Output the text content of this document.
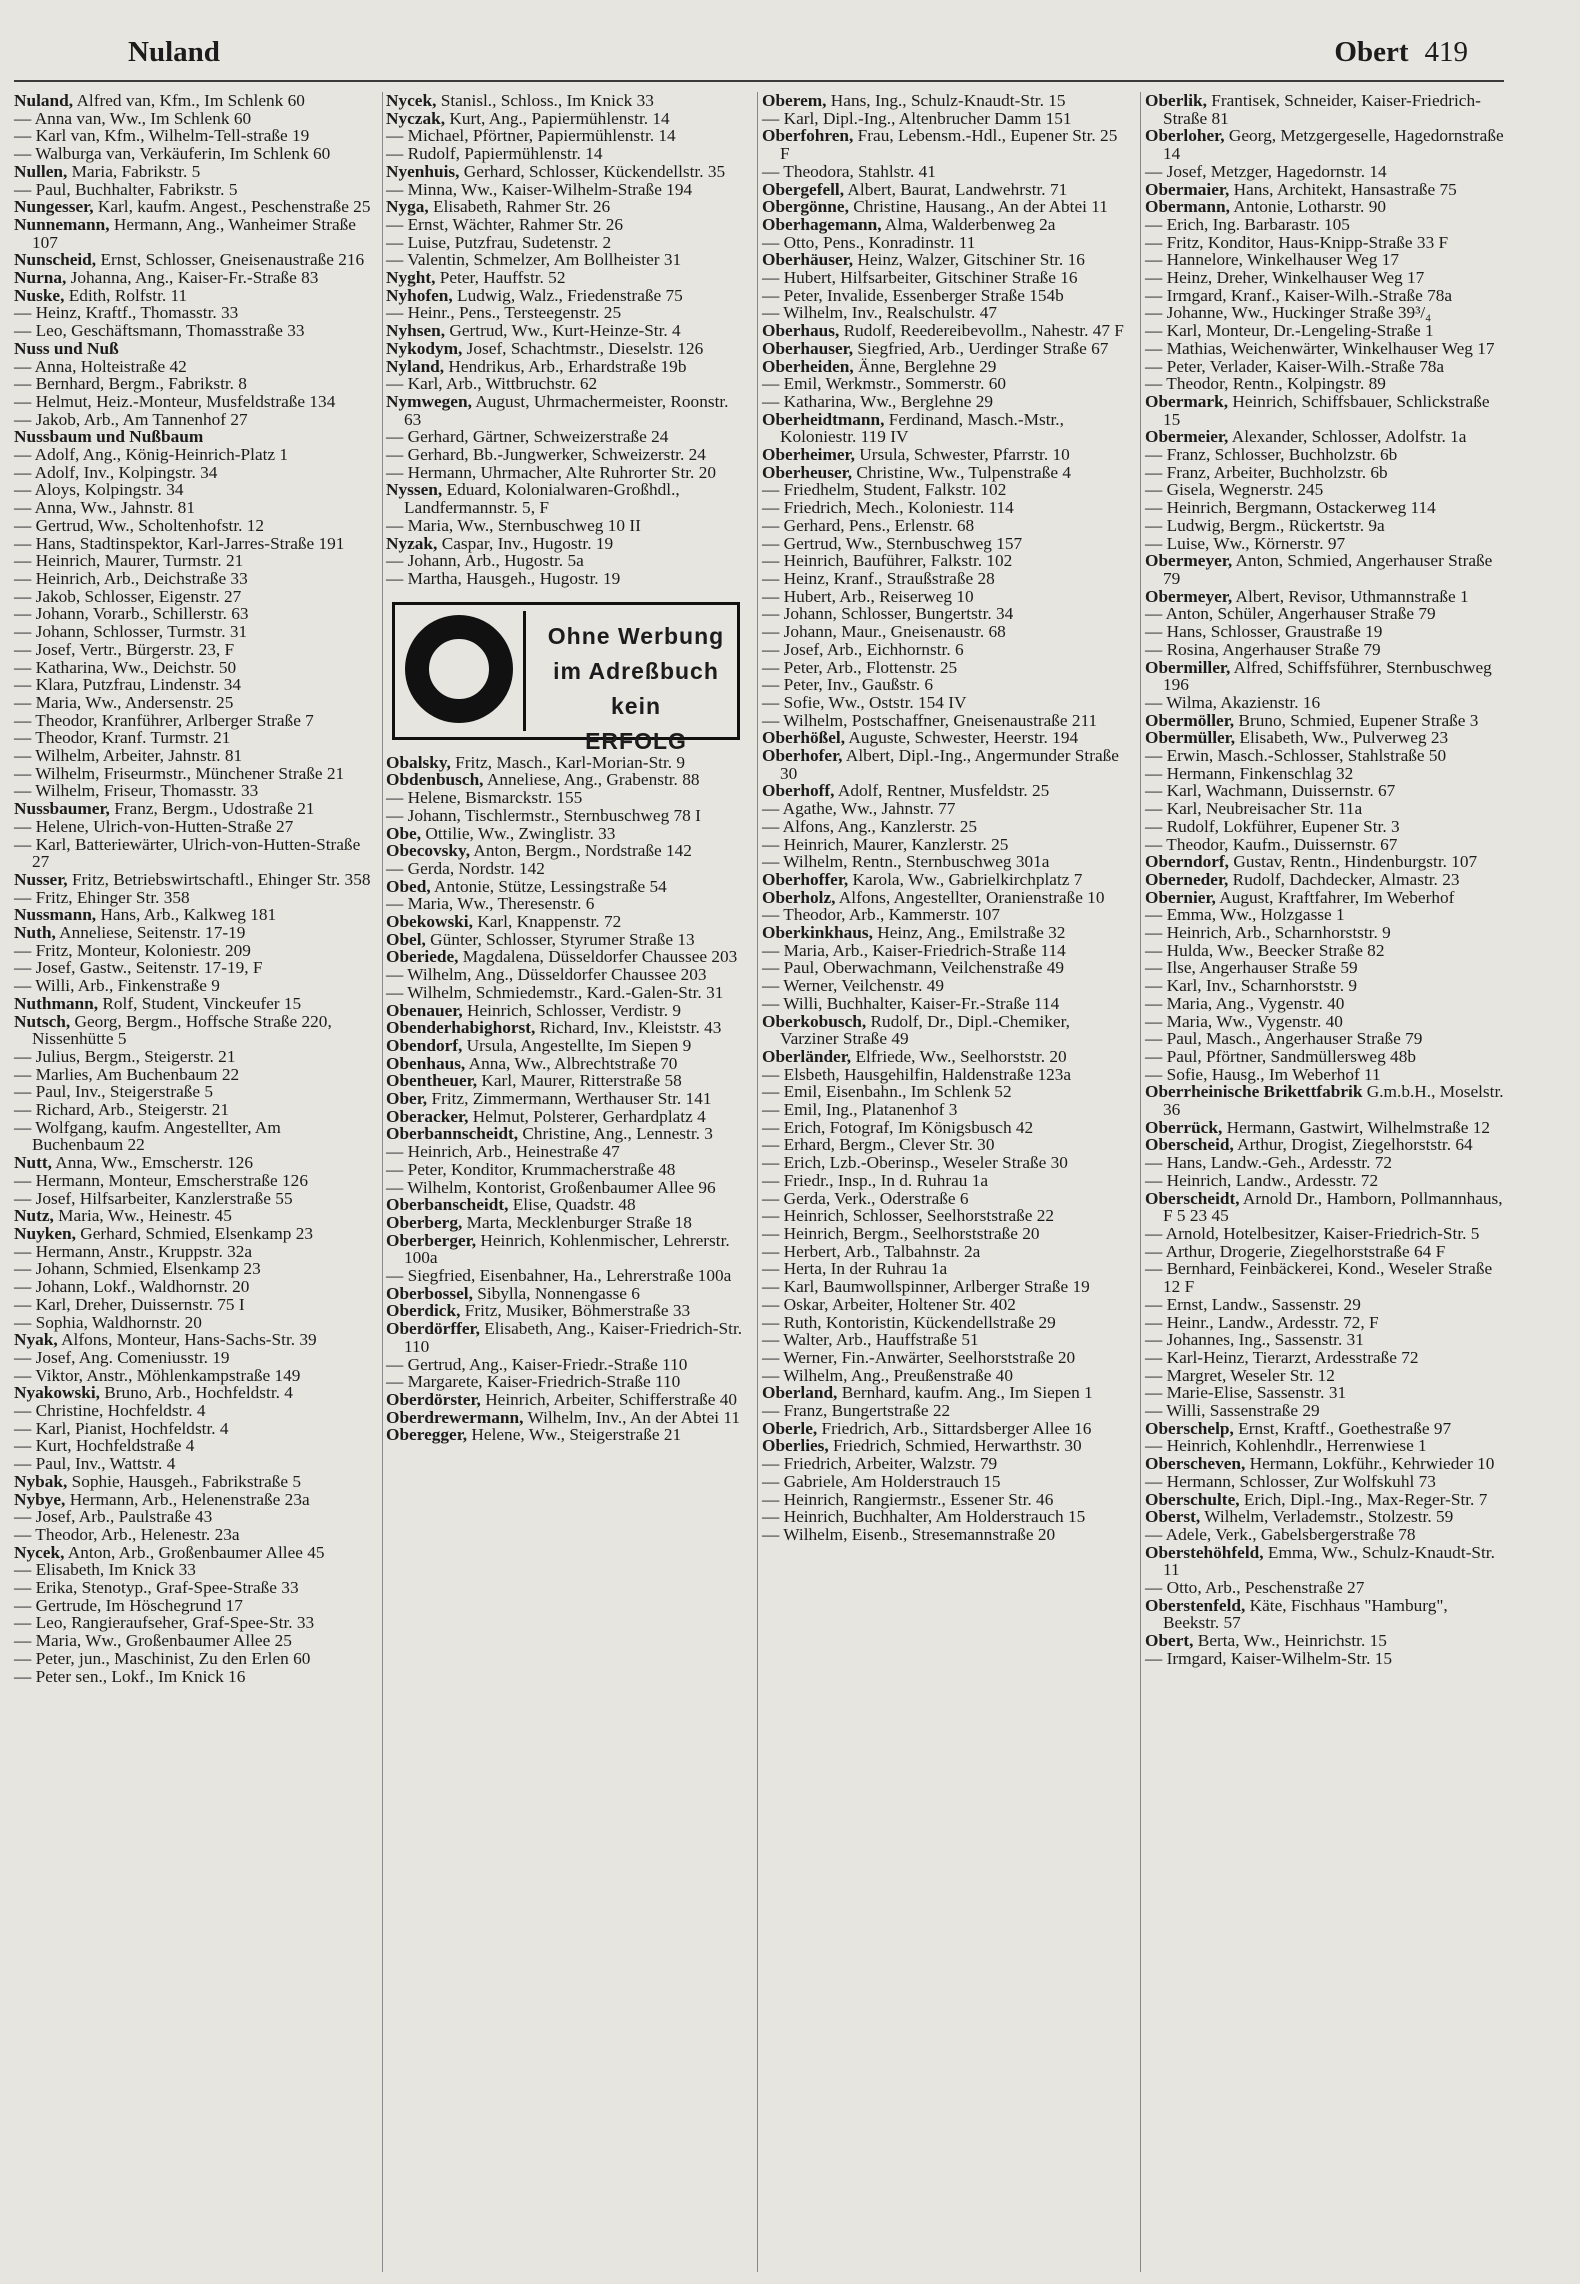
Nuland	Obert 419
Nuland, Alfred van, Kfm., Im Schlenk 60
— Anna van, Ww., Im Schlenk 60
— Karl van, Kfm., Wilhelm-Tell-straße 19
— Walburga van, Verkäuferin, Im Schlenk 60
Nullen, Maria, Fabrikstr. 5
— Paul, Buchhalter, Fabrikstr. 5
Nungesser, Karl, kaufm. Angest., Peschenstraße 25
Nunnemann, Hermann, Ang., Wanheimer Straße 107
Nunscheid, Ernst, Schlosser, Gneisenaustraße 216
Nurna, Johanna, Ang., Kaiser-Fr.-Straße 83
Nuske, Edith, Rolfstr. 11
— Heinz, Kraftf., Thomasstr. 33
— Leo, Geschäftsmann, Thomasstraße 33
Nuss und Nuß
— Anna, Holteistraße 42
— Bernhard, Bergm., Fabrikstr. 8
— Helmut, Heiz.-Monteur, Musfeldstraße 134
— Jakob, Arb., Am Tannenhof 27
Nussbaum und Nußbaum
— Adolf, Ang., König-Heinrich-Platz 1
— Adolf, Inv., Kolpingstr. 34
— Aloys, Kolpingstr. 34
— Anna, Ww., Jahnstr. 81
— Gertrud, Ww., Scholtenhofstr. 12
— Hans, Stadtinspektor, Karl-Jarres-Straße 191
— Heinrich, Maurer, Turmstr. 21
— Heinrich, Arb., Deichstraße 33
— Jakob, Schlosser, Eigenstr. 27
— Johann, Vorarb., Schillerstr. 63
— Johann, Schlosser, Turmstr. 31
— Josef, Vertr., Bürgerstr. 23, F
— Katharina, Ww., Deichstr. 50
— Klara, Putzfrau, Lindenstr. 34
— Maria, Ww., Andersenstr. 25
— Theodor, Kranführer, Arlberger Straße 7
— Theodor, Kranf. Turmstr. 21
— Wilhelm, Arbeiter, Jahnstr. 81
— Wilhelm, Friseurmstr., Münchener Straße 21
— Wilhelm, Friseur, Thomasstr. 33
Nussbaumer, Franz, Bergm., Udostraße 21
— Helene, Ulrich-von-Hutten-Straße 27
— Karl, Batteriewärter, Ulrich-von-Hutten-Straße 27
Nusser, Fritz, Betriebswirtschaftl., Ehinger Str. 358
— Fritz, Ehinger Str. 358
Nussmann, Hans, Arb., Kalkweg 181
Nuth, Anneliese, Seitenstr. 17-19
— Fritz, Monteur, Koloniestr. 209
— Josef, Gastw., Seitenstr. 17-19, F
— Willi, Arb., Finkenstraße 9
Nuthmann, Rolf, Student, Vinckeufer 15
Nutsch, Georg, Bergm., Hoffsche Straße 220, Nissenhütte 5
— Julius, Bergm., Steigerstr. 21
— Marlies, Am Buchenbaum 22
— Paul, Inv., Steigerstraße 5
— Richard, Arb., Steigerstr. 21
— Wolfgang, kaufm. Angestellter, Am Buchenbaum 22
Nutt, Anna, Ww., Emscherstr. 126
— Hermann, Monteur, Emscherstraße 126
— Josef, Hilfsarbeiter, Kanzlerstraße 55
Nutz, Maria, Ww., Heinestr. 45
Nuyken, Gerhard, Schmied, Elsenkamp 23
— Hermann, Anstr., Kruppstr. 32a
— Johann, Schmied, Elsenkamp 23
— Johann, Lokf., Waldhornstr. 20
— Karl, Dreher, Duissernstr. 75 I
— Sophia, Waldhornstr. 20
Nyak, Alfons, Monteur, Hans-Sachs-Str. 39
— Josef, Ang. Comeniusstr. 19
— Viktor, Anstr., Möhlenkampstraße 149
Nyakowski, Bruno, Arb., Hochfeldstr. 4
— Christine, Hochfeldstr. 4
— Karl, Pianist, Hochfeldstr. 4
— Kurt, Hochfeldstraße 4
— Paul, Inv., Wattstr. 4
Nybak, Sophie, Hausgeh., Fabrikstraße 5
Nybye, Hermann, Arb., Helenenstraße 23a
— Josef, Arb., Paulstraße 43
— Theodor, Arb., Helenestr. 23a
Nycek, Anton, Arb., Großenbaumer Allee 45
— Elisabeth, Im Knick 33
— Erika, Stenotyp., Graf-Spee-Straße 33
— Gertrude, Im Höschegrund 17
— Leo, Rangieraufseher, Graf-Spee-Str. 33
— Maria, Ww., Großenbaumer Allee 25
— Peter, jun., Maschinist, Zu den Erlen 60
— Peter sen., Lokf., Im Knick 16
Nycek, Stanisl., Schloss., Im Knick 33
Nyczak, Kurt, Ang., Papiermühlenstr. 14
— Michael, Pförtner, Papiermühlenstr. 14
— Rudolf, Papiermühlenstr. 14
Nyenhuis, Gerhard, Schlosser, Kückendellstr. 35
— Minna, Ww., Kaiser-Wilhelm-Straße 194
Nyga, Elisabeth, Rahmer Str. 26
— Ernst, Wächter, Rahmer Str. 26
— Luise, Putzfrau, Sudetenstr. 2
— Valentin, Schmelzer, Am Bollheister 31
Nyght, Peter, Hauffstr. 52
Nyhofen, Ludwig, Walz., Friedenstraße 75
— Heinr., Pens., Tersteegenstr. 25
Nyhsen, Gertrud, Ww., Kurt-Heinze-Str. 4
Nykodym, Josef, Schachtmstr., Dieselstr. 126
Nyland, Hendrikus, Arb., Erhardstraße 19b
— Karl, Arb., Wittbruchstr. 62
Nymwegen, August, Uhrmachermeister, Roonstr. 63
— Gerhard, Gärtner, Schweizerstraße 24
— Gerhard, Bb.-Jungwerker, Schweizerstr. 24
— Hermann, Uhrmacher, Alte Ruhrorter Str. 20
Nyssen, Eduard, Kolonialwaren-Großhdl., Landfermannstr. 5, F
— Maria, Ww., Sternbuschweg 10 II
Nyzak, Caspar, Inv., Hugostr. 19
— Johann, Arb., Hugostr. 5a
— Martha, Hausgeh., Hugostr. 19
Ohne Werbung
im Adreßbuch kein
ERFOLG
Obalsky, Fritz, Masch., Karl-Morian-Str. 9
Obdenbusch, Anneliese, Ang., Grabenstr. 88
— Helene, Bismarckstr. 155
— Johann, Tischlermstr., Sternbuschweg 78 I
Obe, Ottilie, Ww., Zwinglistr. 33
Obecovsky, Anton, Bergm., Nordstraße 142
— Gerda, Nordstr. 142
Obed, Antonie, Stütze, Lessingstraße 54
— Maria, Ww., Theresenstr. 6
Obekowski, Karl, Knappenstr. 72
Obel, Günter, Schlosser, Styrumer Straße 13
Oberiede, Magdalena, Düsseldorfer Chaussee 203
— Wilhelm, Ang., Düsseldorfer Chaussee 203
— Wilhelm, Schmiedemstr., Kard.-Galen-Str. 31
Obenauer, Heinrich, Schlosser, Verdistr. 9
Obenderhabighorst, Richard, Inv., Kleiststr. 43
Obendorf, Ursula, Angestellte, Im Siepen 9
Obenhaus, Anna, Ww., Albrechtstraße 70
Obentheuer, Karl, Maurer, Ritterstraße 58
Ober, Fritz, Zimmermann, Werthauser Str. 141
Oberacker, Helmut, Polsterer, Gerhardplatz 4
Oberbannscheidt, Christine, Ang., Lennestr. 3
— Heinrich, Arb., Heinestraße 47
— Peter, Konditor, Krummacherstraße 48
— Wilhelm, Kontorist, Großenbaumer Allee 96
Oberbanscheidt, Elise, Quadstr. 48
Oberberg, Marta, Mecklenburger Straße 18
Oberberger, Heinrich, Kohlenmischer, Lehrerstr. 100a
— Siegfried, Eisenbahner, Ha., Lehrerstraße 100a
Oberbossel, Sibylla, Nonnengasse 6
Oberdick, Fritz, Musiker, Böhmerstraße 33
Oberdörffer, Elisabeth, Ang., Kaiser-Friedrich-Str. 110
— Gertrud, Ang., Kaiser-Friedr.-Straße 110
— Margarete, Kaiser-Friedrich-Straße 110
Oberdörster, Heinrich, Arbeiter, Schifferstraße 40
Oberdrewermann, Wilhelm, Inv., An der Abtei 11
Oberegger, Helene, Ww., Steigerstraße 21
Oberem, Hans, Ing., Schulz-Knaudt-Str. 15
— Karl, Dipl.-Ing., Altenbrucher Damm 151
Oberfohren, Frau, Lebensm.-Hdl., Eupener Str. 25 F
— Theodora, Stahlstr. 41
Obergefell, Albert, Baurat, Landwehrstr. 71
Obergönne, Christine, Hausang., An der Abtei 11
Oberhagemann, Alma, Walderbenweg 2a
— Otto, Pens., Konradinstr. 11
Oberhäuser, Heinz, Walzer, Gitschiner Str. 16
— Hubert, Hilfsarbeiter, Gitschiner Straße 16
— Peter, Invalide, Essenberger Straße 154b
— Wilhelm, Inv., Realschulstr. 47
Oberhaus, Rudolf, Reedereibevollm., Nahestr. 47 F
Oberhauser, Siegfried, Arb., Uerdinger Straße 67
Oberheiden, Änne, Berglehne 29
— Emil, Werkmstr., Sommerstr. 60
— Katharina, Ww., Berglehne 29
Oberheidtmann, Ferdinand, Masch.-Mstr., Koloniestr. 119 IV
Oberheimer, Ursula, Schwester, Pfarrstr. 10
Oberheuser, Christine, Ww., Tulpenstraße 4
— Friedhelm, Student, Falkstr. 102
— Friedrich, Mech., Koloniestr. 114
— Gerhard, Pens., Erlenstr. 68
— Gertrud, Ww., Sternbuschweg 157
— Heinrich, Bauführer, Falkstr. 102
— Heinz, Kranf., Straußstraße 28
— Hubert, Arb., Reiserweg 10
— Johann, Schlosser, Bungertstr. 34
— Johann, Maur., Gneisenaustr. 68
— Josef, Arb., Eichhornstr. 6
— Peter, Arb., Flottenstr. 25
— Peter, Inv., Gaußstr. 6
— Sofie, Ww., Oststr. 154 IV
— Wilhelm, Postschaffner, Gneisenaustraße 211
Oberhößel, Auguste, Schwester, Heerstr. 194
Oberhofer, Albert, Dipl.-Ing., Angermunder Straße 30
Oberhoff, Adolf, Rentner, Musfeldstr. 25
— Agathe, Ww., Jahnstr. 77
— Alfons, Ang., Kanzlerstr. 25
— Heinrich, Maurer, Kanzlerstr. 25
— Wilhelm, Rentn., Sternbuschweg 301a
Oberhoffer, Karola, Ww., Gabrielkirchplatz 7
Oberholz, Alfons, Angestellter, Oranienstraße 10
— Theodor, Arb., Kammerstr. 107
Oberkinkhaus, Heinz, Ang., Emilstraße 32
— Maria, Arb., Kaiser-Friedrich-Straße 114
— Paul, Oberwachmann, Veilchenstraße 49
— Werner, Veilchenstr. 49
— Willi, Buchhalter, Kaiser-Fr.-Straße 114
Oberkobusch, Rudolf, Dr., Dipl.-Chemiker, Varziner Straße 49
Oberländer, Elfriede, Ww., Seelhorststr. 20
— Elsbeth, Hausgehilfin, Haldenstraße 123a
— Emil, Eisenbahn., Im Schlenk 52
— Emil, Ing., Platanenhof 3
— Erich, Fotograf, Im Königsbusch 42
— Erhard, Bergm., Clever Str. 30
— Erich, Lzb.-Oberinsp., Weseler Straße 30
— Friedr., Insp., In d. Ruhrau 1a
— Gerda, Verk., Oderstraße 6
— Heinrich, Schlosser, Seelhorststraße 22
— Heinrich, Bergm., Seelhorststraße 20
— Herbert, Arb., Talbahnstr. 2a
— Herta, In der Ruhrau 1a
— Karl, Baumwollspinner, Arlberger Straße 19
— Oskar, Arbeiter, Holtener Str. 402
— Ruth, Kontoristin, Kückendellstraße 29
— Walter, Arb., Hauffstraße 51
— Werner, Fin.-Anwärter, Seelhorststraße 20
— Wilhelm, Ang., Preußenstraße 40
Oberland, Bernhard, kaufm. Ang., Im Siepen 1
— Franz, Bungertstraße 22
Oberle, Friedrich, Arb., Sittardsberger Allee 16
Oberlies, Friedrich, Schmied, Herwarthstr. 30
— Friedrich, Arbeiter, Walzstr. 79
— Gabriele, Am Holderstrauch 15
— Heinrich, Rangiermstr., Essener Str. 46
— Heinrich, Buchhalter, Am Holderstrauch 15
— Wilhelm, Eisenb., Stresemannstraße 20
Oberlik, Frantisek, Schneider, Kaiser-Friedrich-Straße 81
Oberloher, Georg, Metzgergeselle, Hagedornstraße 14
— Josef, Metzger, Hagedornstr. 14
Obermaier, Hans, Architekt, Hansastraße 75
Obermann, Antonie, Lotharstr. 90
— Erich, Ing. Barbarastr. 105
— Fritz, Konditor, Haus-Knipp-Straße 33 F
— Hannelore, Winkelhauser Weg 17
— Heinz, Dreher, Winkelhauser Weg 17
— Irmgard, Kranf., Kaiser-Wilh.-Straße 78a
— Johanne, Ww., Huckinger Straße 39³/₄
— Karl, Monteur, Dr.-Lengeling-Straße 1
— Mathias, Weichenwärter, Winkelhauser Weg 17
— Peter, Verlader, Kaiser-Wilh.-Straße 78a
— Theodor, Rentn., Kolpingstr. 89
Obermark, Heinrich, Schiffsbauer, Schlickstraße 15
Obermeier, Alexander, Schlosser, Adolfstr. 1a
— Franz, Schlosser, Buchholzstr. 6b
— Franz, Arbeiter, Buchholzstr. 6b
— Gisela, Wegnerstr. 245
— Heinrich, Bergmann, Ostackerweg 114
— Ludwig, Bergm., Rückertstr. 9a
— Luise, Ww., Körnerstr. 97
Obermeyer, Anton, Schmied, Angerhauser Straße 79
Obermeyer, Albert, Revisor, Uthmannstraße 1
— Anton, Schüler, Angerhauser Straße 79
— Hans, Schlosser, Graustraße 19
— Rosina, Angerhauser Straße 79
Obermiller, Alfred, Schiffsführer, Sternbuschweg 196
— Wilma, Akazienstr. 16
Obermöller, Bruno, Schmied, Eupener Straße 3
Obermüller, Elisabeth, Ww., Pulverweg 23
— Erwin, Masch.-Schlosser, Stahlstraße 50
— Hermann, Finkenschlag 32
— Karl, Wachmann, Duissernstr. 67
— Karl, Neubreisacher Str. 11a
— Rudolf, Lokführer, Eupener Str. 3
— Theodor, Kaufm., Duissernstr. 67
Oberndorf, Gustav, Rentn., Hindenburgstr. 107
Oberneder, Rudolf, Dachdecker, Almastr. 23
Obernier, August, Kraftfahrer, Im Weberhof
— Emma, Ww., Holzgasse 1
— Heinrich, Arb., Scharnhorststr. 9
— Hulda, Ww., Beecker Straße 82
— Ilse, Angerhauser Straße 59
— Karl, Inv., Scharnhorststr. 9
— Maria, Ang., Vygenstr. 40
— Maria, Ww., Vygenstr. 40
— Paul, Masch., Angerhauser Straße 79
— Paul, Pförtner, Sandmüllersweg 48b
— Sofie, Hausg., Im Weberhof 11
Oberrheinische Brikettfabrik G.m.b.H., Moselstr. 36
Oberrück, Hermann, Gastwirt, Wilhelmstraße 12
Oberscheid, Arthur, Drogist, Ziegelhorststr. 64
— Hans, Landw.-Geh., Ardesstr. 72
— Heinrich, Landw., Ardesstr. 72
Oberscheidt, Arnold Dr., Hamborn, Pollmannhaus, F 5 23 45
— Arnold, Hotelbesitzer, Kaiser-Friedrich-Str. 5
— Arthur, Drogerie, Ziegelhorststraße 64 F
— Bernhard, Feinbäckerei, Kond., Weseler Straße 12 F
— Ernst, Landw., Sassenstr. 29
— Heinr., Landw., Ardesstr. 72, F
— Johannes, Ing., Sassenstr. 31
— Karl-Heinz, Tierarzt, Ardesstraße 72
— Margret, Weseler Str. 12
— Marie-Elise, Sassenstr. 31
— Willi, Sassenstraße 29
Oberschelp, Ernst, Kraftf., Goethestraße 97
— Heinrich, Kohlenhdlr., Herrenwiese 1
Oberscheven, Hermann, Lokführ., Kehrwieder 10
— Hermann, Schlosser, Zur Wolfskuhl 73
Oberschulte, Erich, Dipl.-Ing., Max-Reger-Str. 7
Oberst, Wilhelm, Verlademstr., Stolzestr. 59
— Adele, Verk., Gabelsbergerstraße 78
Oberstehöhfeld, Emma, Ww., Schulz-Knaudt-Str. 11
— Otto, Arb., Peschenstraße 27
Oberstenfeld, Käte, Fischhaus "Hamburg", Beekstr. 57
Obert, Berta, Ww., Heinrichstr. 15
— Irmgard, Kaiser-Wilhelm-Str. 15
